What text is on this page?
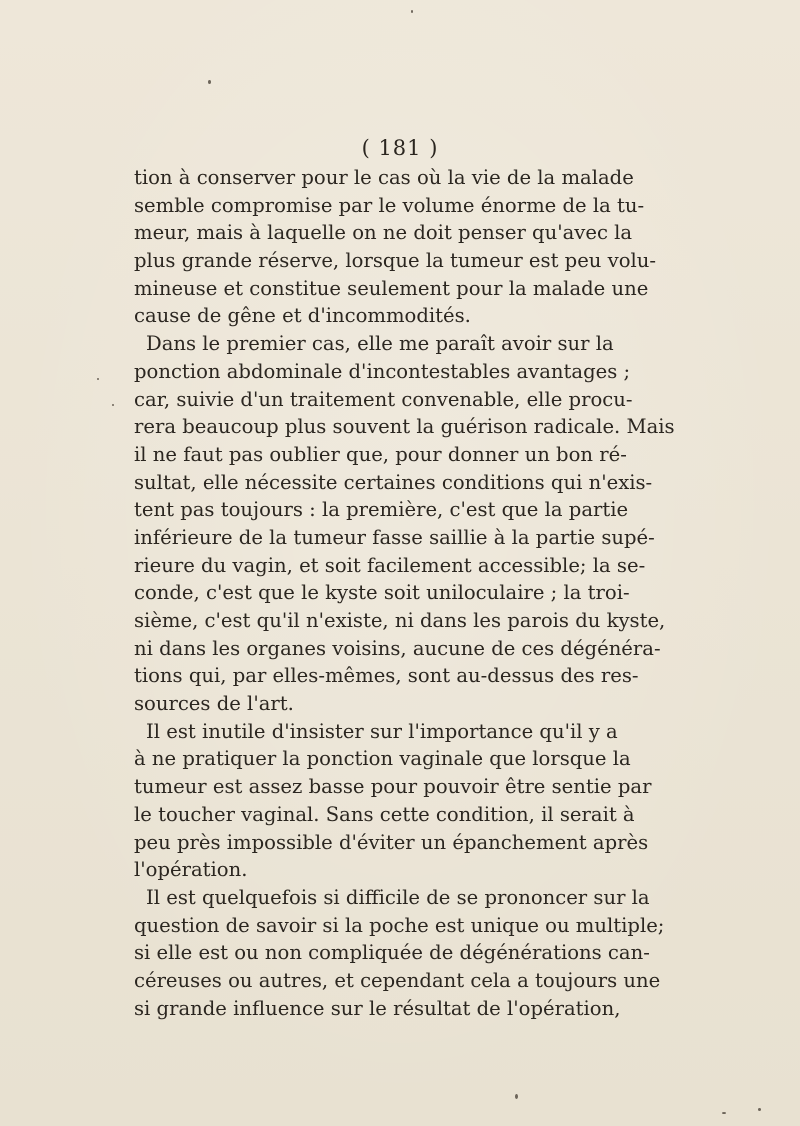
( 181 )
tion à conserver pour le cas où la vie de la malade
semble compromise par le volume énorme de la tu-
meur, mais à laquelle on ne doit penser qu'avec la
plus grande réserve, lorsque la tumeur est peu volu-
mineuse et constitue seulement pour la malade une
cause de gêne et d'incommodités.
Dans le premier cas, elle me paraît avoir sur la
ponction abdominale d'incontestables avantages ;
car, suivie d'un traitement convenable, elle procu-
rera beaucoup plus souvent la guérison radicale. Mais
il ne faut pas oublier que, pour donner un bon ré-
sultat, elle nécessite certaines conditions qui n'exis-
tent pas toujours : la première, c'est que la partie
inférieure de la tumeur fasse saillie à la partie supé-
rieure du vagin, et soit facilement accessible; la se-
conde, c'est que le kyste soit uniloculaire ; la troi-
sième, c'est qu'il n'existe, ni dans les parois du kyste,
ni dans les organes voisins, aucune de ces dégénéra-
tions qui, par elles-mêmes, sont au-dessus des res-
sources de l'art.
Il est inutile d'insister sur l'importance qu'il y a
à ne pratiquer la ponction vaginale que lorsque la
tumeur est assez basse pour pouvoir être sentie par
le toucher vaginal. Sans cette condition, il serait à
peu près impossible d'éviter un épanchement après
l'opération.
Il est quelquefois si difficile de se prononcer sur la
question de savoir si la poche est unique ou multiple;
si elle est ou non compliquée de dégénérations can-
céreuses ou autres, et cependant cela a toujours une
si grande influence sur le résultat de l'opération,
